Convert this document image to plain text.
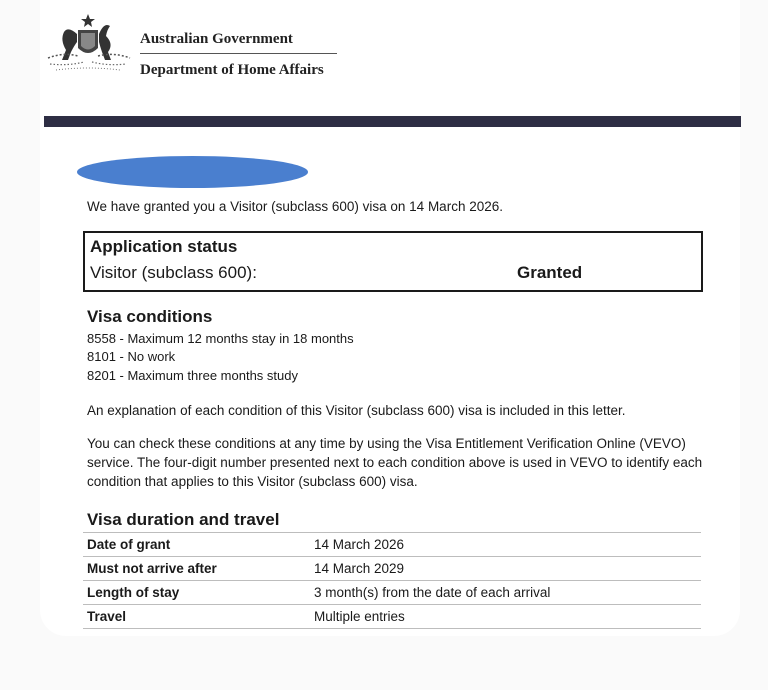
Australian Government
Department of Home Affairs
We have granted you a Visitor (subclass 600) visa on 14 March 2026.
Application status
Visitor (subclass 600):	Granted
Visa conditions
8558 - Maximum 12 months stay in 18 months
8101 - No work
8201 - Maximum three months study
An explanation of each condition of this Visitor (subclass 600) visa is included in this letter.
You can check these conditions at any time by using the Visa Entitlement Verification Online (VEVO) service. The four-digit number presented next to each condition above is used in VEVO to identify each condition that applies to this Visitor (subclass 600) visa.
Visa duration and travel
Date of grant	14 March 2026
Must not arrive after	14 March 2029
Length of stay	3 month(s) from the date of each arrival
Travel	Multiple entries
